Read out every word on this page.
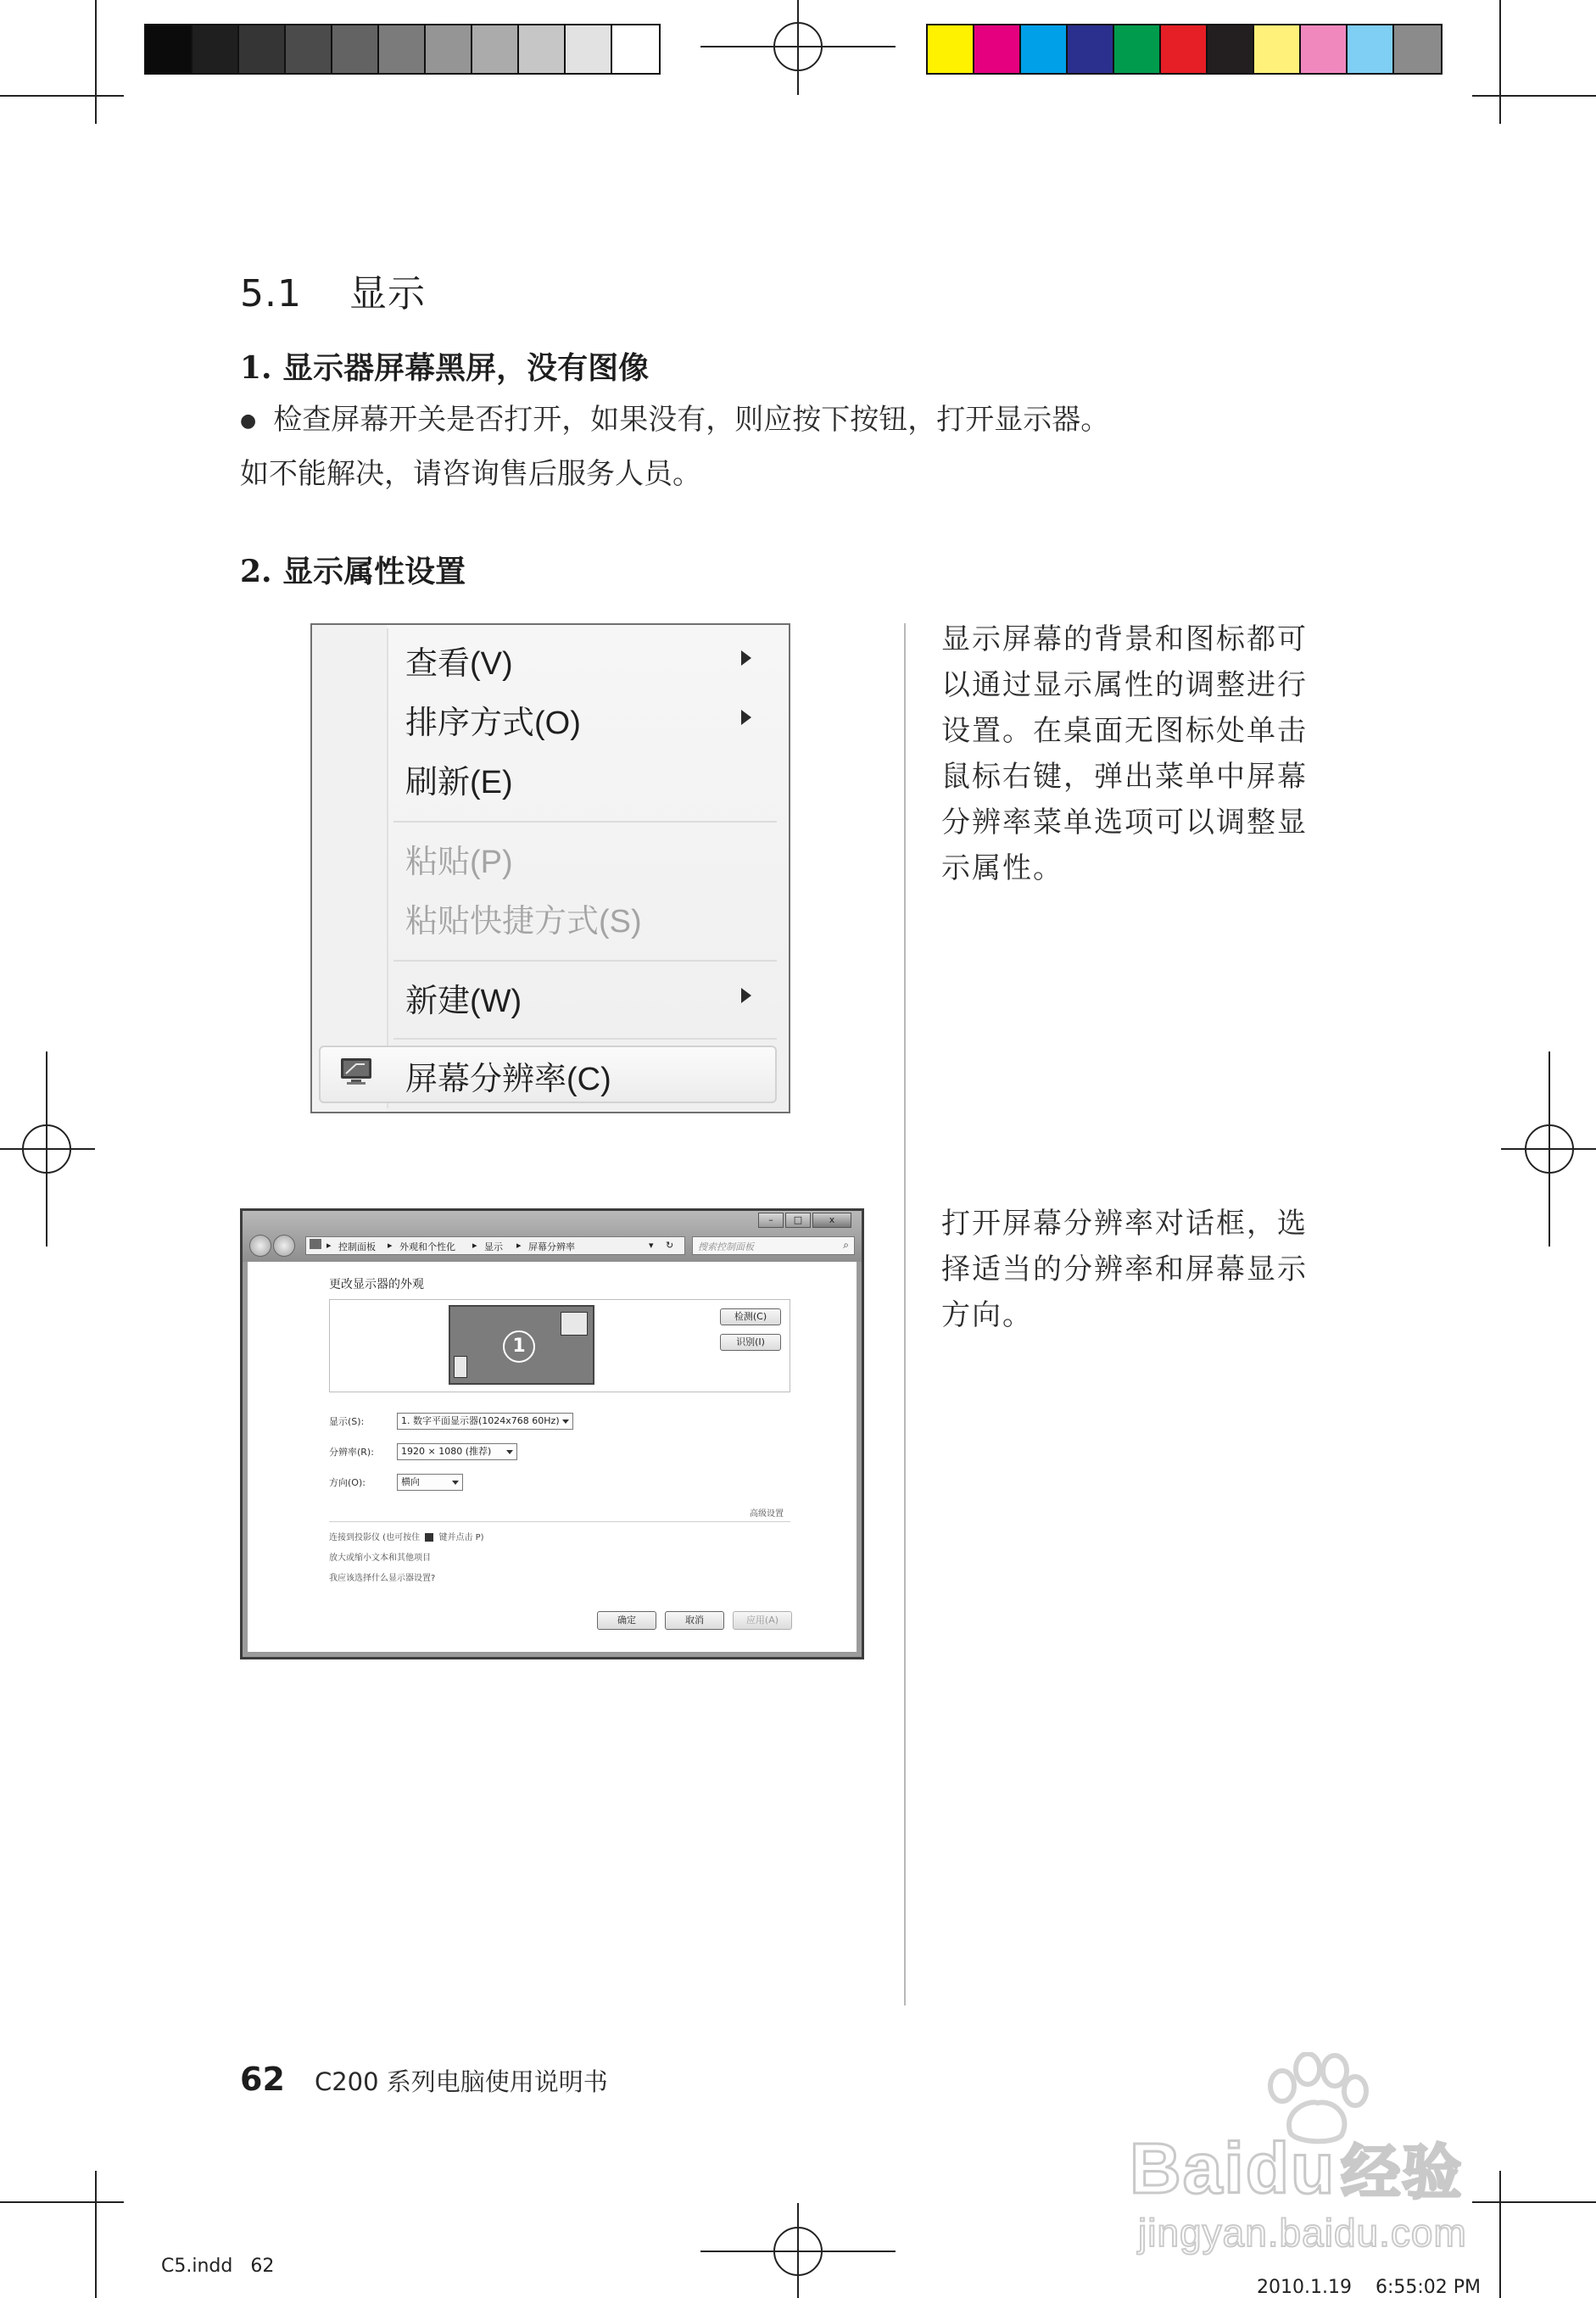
5.1 显示
1. 显示器屏幕黑屏，没有图像
● 检查屏幕开关是否打开，如果没有，则应按下按钮，打开显示器。
如不能解决，请咨询售后服务人员。
2. 显示属性设置
查看(V)
排序方式(O)
刷新(E)
粘贴(P)
粘贴快捷方式(S)
新建(W)
屏幕分辨率(C)
显示屏幕的背景和图标都可
以通过显示属性的调整进行
设置。在桌面无图标处单击
鼠标右键，弹出菜单中屏幕
分辨率菜单选项可以调整显
示属性。
打开屏幕分辨率对话框，选
择适当的分辨率和屏幕显示
方向。
–	□	x
▸ 控制面板 ▸ 外观和个性化 ▸ 显示 ▸ 屏幕分辨率	▾ ↻	搜索控制面板	⌕
更改显示器的外观
1
检测(C)
识别(I)
显示(S):	1. 数字平面显示器(1024x768 60Hz)
分辨率(R):	1920 × 1080 (推荐)
方向(O):	横向
高级设置
连接到投影仪 (也可按住 键并点击 P)
放大或缩小文本和其他项目
我应该选择什么显示器设置?
确定	取消	应用(A)
62 C200 系列电脑使用说明书
C5.indd   62

2010.1.19 6:55:02 PM

Baidu经验
jingyan.baidu.com
